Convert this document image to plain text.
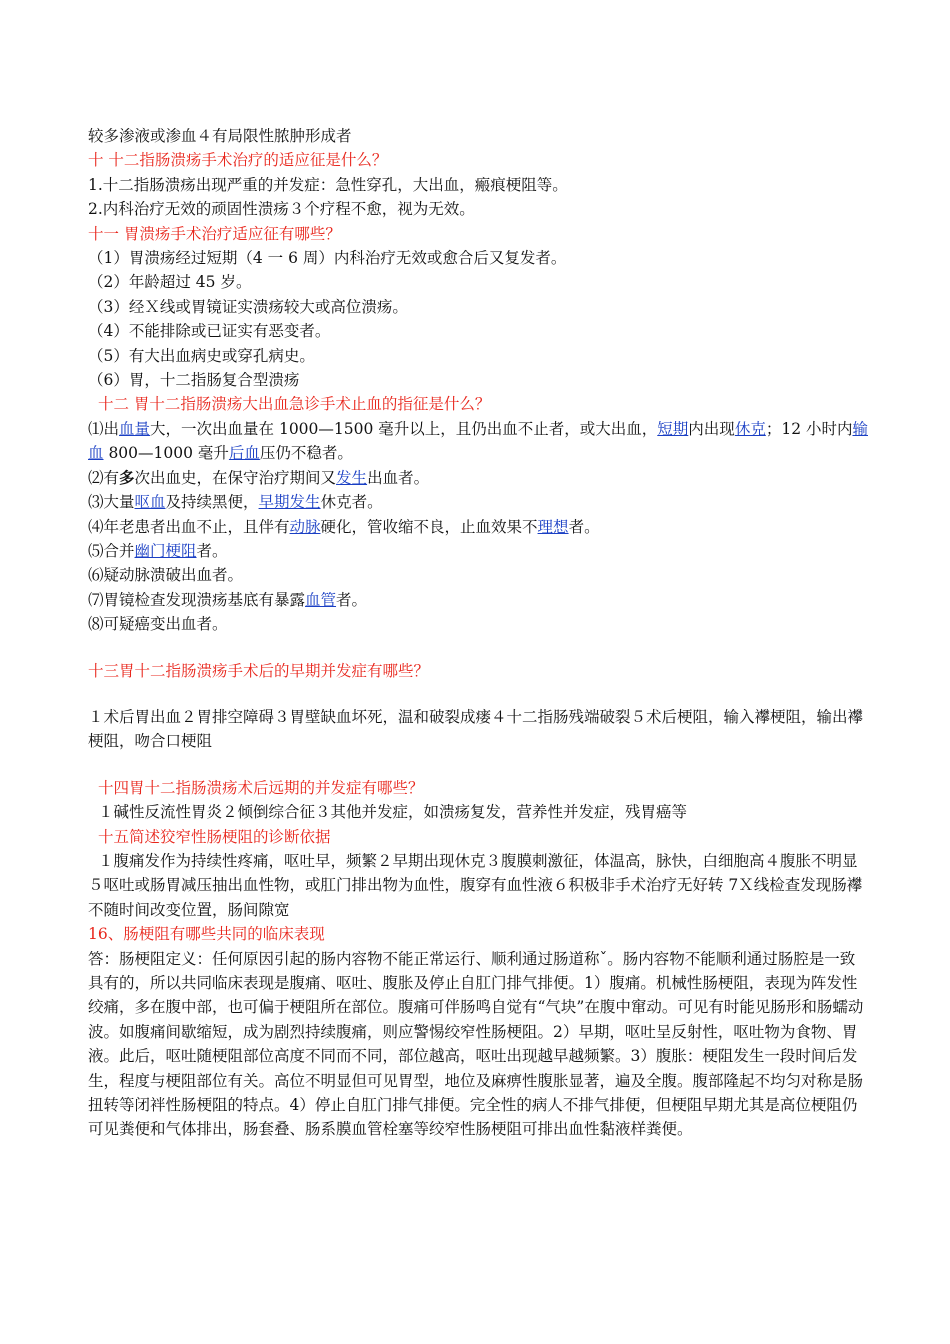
较多渗液或渗血４有局限性脓肿形成者
十 十二指肠溃疡手术治疗的适应征是什么？
1.十二指肠溃疡出现严重的并发症：急性穿孔，大出血，瘢痕梗阻等。
2.内科治疗无效的顽固性溃疡３个疗程不愈，视为无效。
十一 胃溃疡手术治疗适应征有哪些？
（1）胃溃疡经过短期（4 一 6 周）内科治疗无效或愈合后又复发者。
（2）年龄超过 45 岁。
（3）经Ｘ线或胃镜证实溃疡较大或高位溃疡。
（4）不能排除或已证实有恶变者。
（5）有大出血病史或穿孔病史。
（6）胃，十二指肠复合型溃疡
十二 胃十二指肠溃疡大出血急诊手术止血的指征是什么？
⑴出血量大，一次出血量在 1000—1500 毫升以上，且仍出血不止者，或大出血，短期内出现休克；12 小时内输血 800—1000 毫升后血压仍不稳者。
⑵有多次出血史，在保守治疗期间又发生出血者。
⑶大量呕血及持续黑便，早期发生休克者。
⑷年老患者出血不止，且伴有动脉硬化，管收缩不良，止血效果不理想者。
⑸合并幽门梗阻者。
⑹疑动脉溃破出血者。
⑺胃镜检查发现溃疡基底有暴露血管者。
⑻可疑癌变出血者。
十三胃十二指肠溃疡手术后的早期并发症有哪些？
１术后胃出血２胃排空障碍３胃壁缺血坏死，温和破裂成瘘４十二指肠残端破裂５术后梗阻，输入襻梗阻，输出襻梗阻，吻合口梗阻
十四胃十二指肠溃疡术后远期的并发症有哪些？
１碱性反流性胃炎２倾倒综合征３其他并发症，如溃疡复发，营养性并发症，残胃癌等
十五简述狡窄性肠梗阻的诊断依据
１腹痛发作为持续性疼痛，呕吐早，频繁２早期出现休克３腹膜刺激征，体温高，脉快，白细胞高４腹胀不明显５呕吐或肠胃减压抽出血性物，或肛门排出物为血性，腹穿有血性液６积极非手术治疗无好转 7Ｘ线检查发现肠襻不随时间改变位置，肠间隙宽
16、肠梗阻有哪些共同的临床表现
答：肠梗阻定义：任何原因引起的肠内容物不能正常运行、顺利通过肠道称ˇ。肠内容物不能顺利通过肠腔是一致具有的，所以共同临床表现是腹痛、呕吐、腹胀及停止自肛门排气排便。1）腹痛。机械性肠梗阻，表现为阵发性绞痛，多在腹中部，也可偏于梗阻所在部位。腹痛可伴肠鸣自觉有“气块”在腹中窜动。可见有时能见肠形和肠蠕动波。如腹痛间歇缩短，成为剧烈持续腹痛，则应警惕绞窄性肠梗阻。2）早期，呕吐呈反射性，呕吐物为食物、胃液。此后，呕吐随梗阻部位高度不同而不同，部位越高，呕吐出现越早越频繁。3）腹胀：梗阻发生一段时间后发生，程度与梗阻部位有关。高位不明显但可见胃型，地位及麻痹性腹胀显著，遍及全腹。腹部隆起不均匀对称是肠扭转等闭袢性肠梗阻的特点。4）停止自肛门排气排便。完全性的病人不排气排便，但梗阻早期尤其是高位梗阻仍可见粪便和气体排出，肠套叠、肠系膜血管栓塞等绞窄性肠梗阻可排出血性黏液样粪便。
